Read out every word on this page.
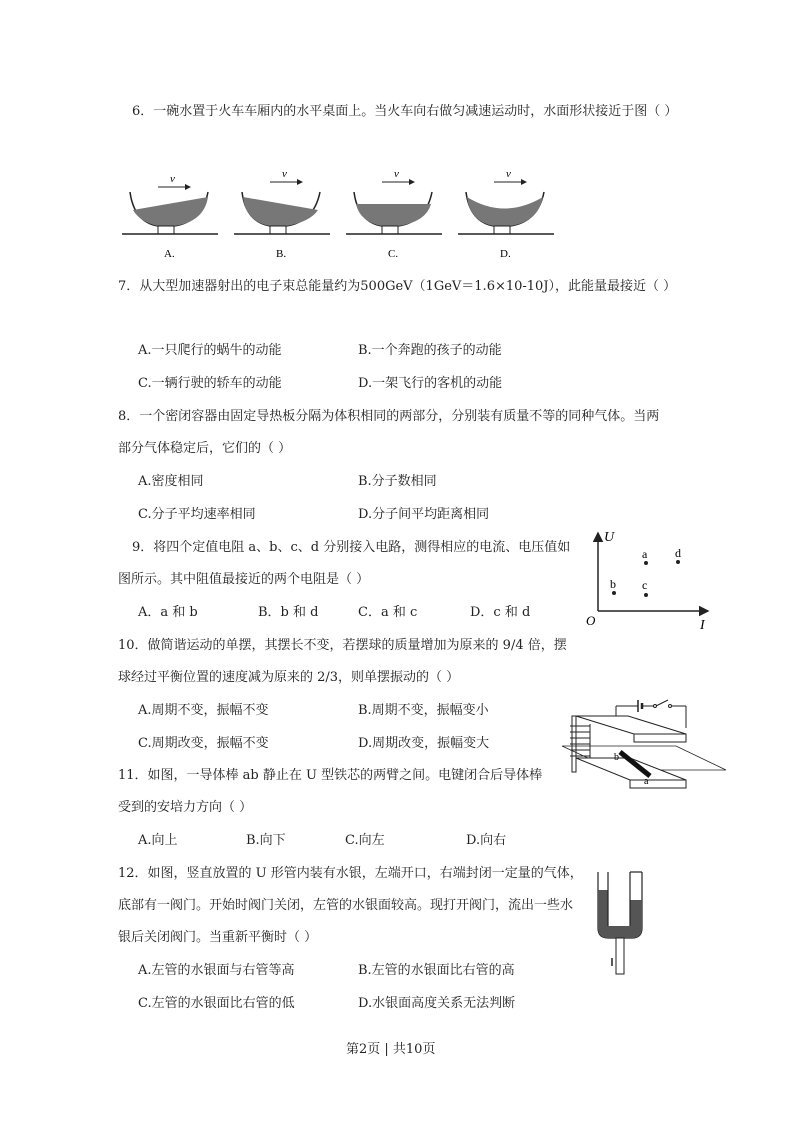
6．一碗水置于火车车厢内的水平桌面上。当火车向右做匀减速运动时，水面形状接近于图（ ）
v
A.
v
B.
v
C.
v
D.
7．从大型加速器射出的电子束总能量约为500GeV（1GeV＝1.6×10-10J），此能量最接近（ ）
A.一只爬行的蜗牛的动能	B.一个奔跑的孩子的动能
C.一辆行驶的轿车的动能	D.一架飞行的客机的动能
8．一个密闭容器由固定导热板分隔为体积相同的两部分，分别装有质量不等的同种气体。当两
部分气体稳定后，它们的（ ）
A.密度相同	B.分子数相同
C.分子平均速率相同	D.分子间平均距离相同
9．将四个定值电阻 a、b、c、d 分别接入电路，测得相应的电流、电压值如
图所示。其中阻值最接近的两个电阻是（ ）
A．a 和 b	B．b 和 d	C．a 和 c	D．c 和 d
U
I
O
a d
b c
10．做简谐运动的单摆，其摆长不变，若摆球的质量增加为原来的 9/4 倍，摆
球经过平衡位置的速度减为原来的 2/3，则单摆振动的（ ）
A.周期不变，振幅不变	B.周期不变，振幅变小
C.周期改变，振幅不变	D.周期改变，振幅变大
b
a
11．如图，一导体棒 ab 静止在 U 型铁芯的两臂之间。电键闭合后导体棒
受到的安培力方向（ ）
A.向上	B.向下	C.向左	D.向右
12．如图，竖直放置的 U 形管内装有水银，左端开口，右端封闭一定量的气体，
底部有一阀门。开始时阀门关闭，左管的水银面较高。现打开阀门，流出一些水
银后关闭阀门。当重新平衡时（ ）
A.左管的水银面与右管等高	B.左管的水银面比右管的高
C.左管的水银面比右管的低	D.水银面高度关系无法判断
第2页 | 共10页
